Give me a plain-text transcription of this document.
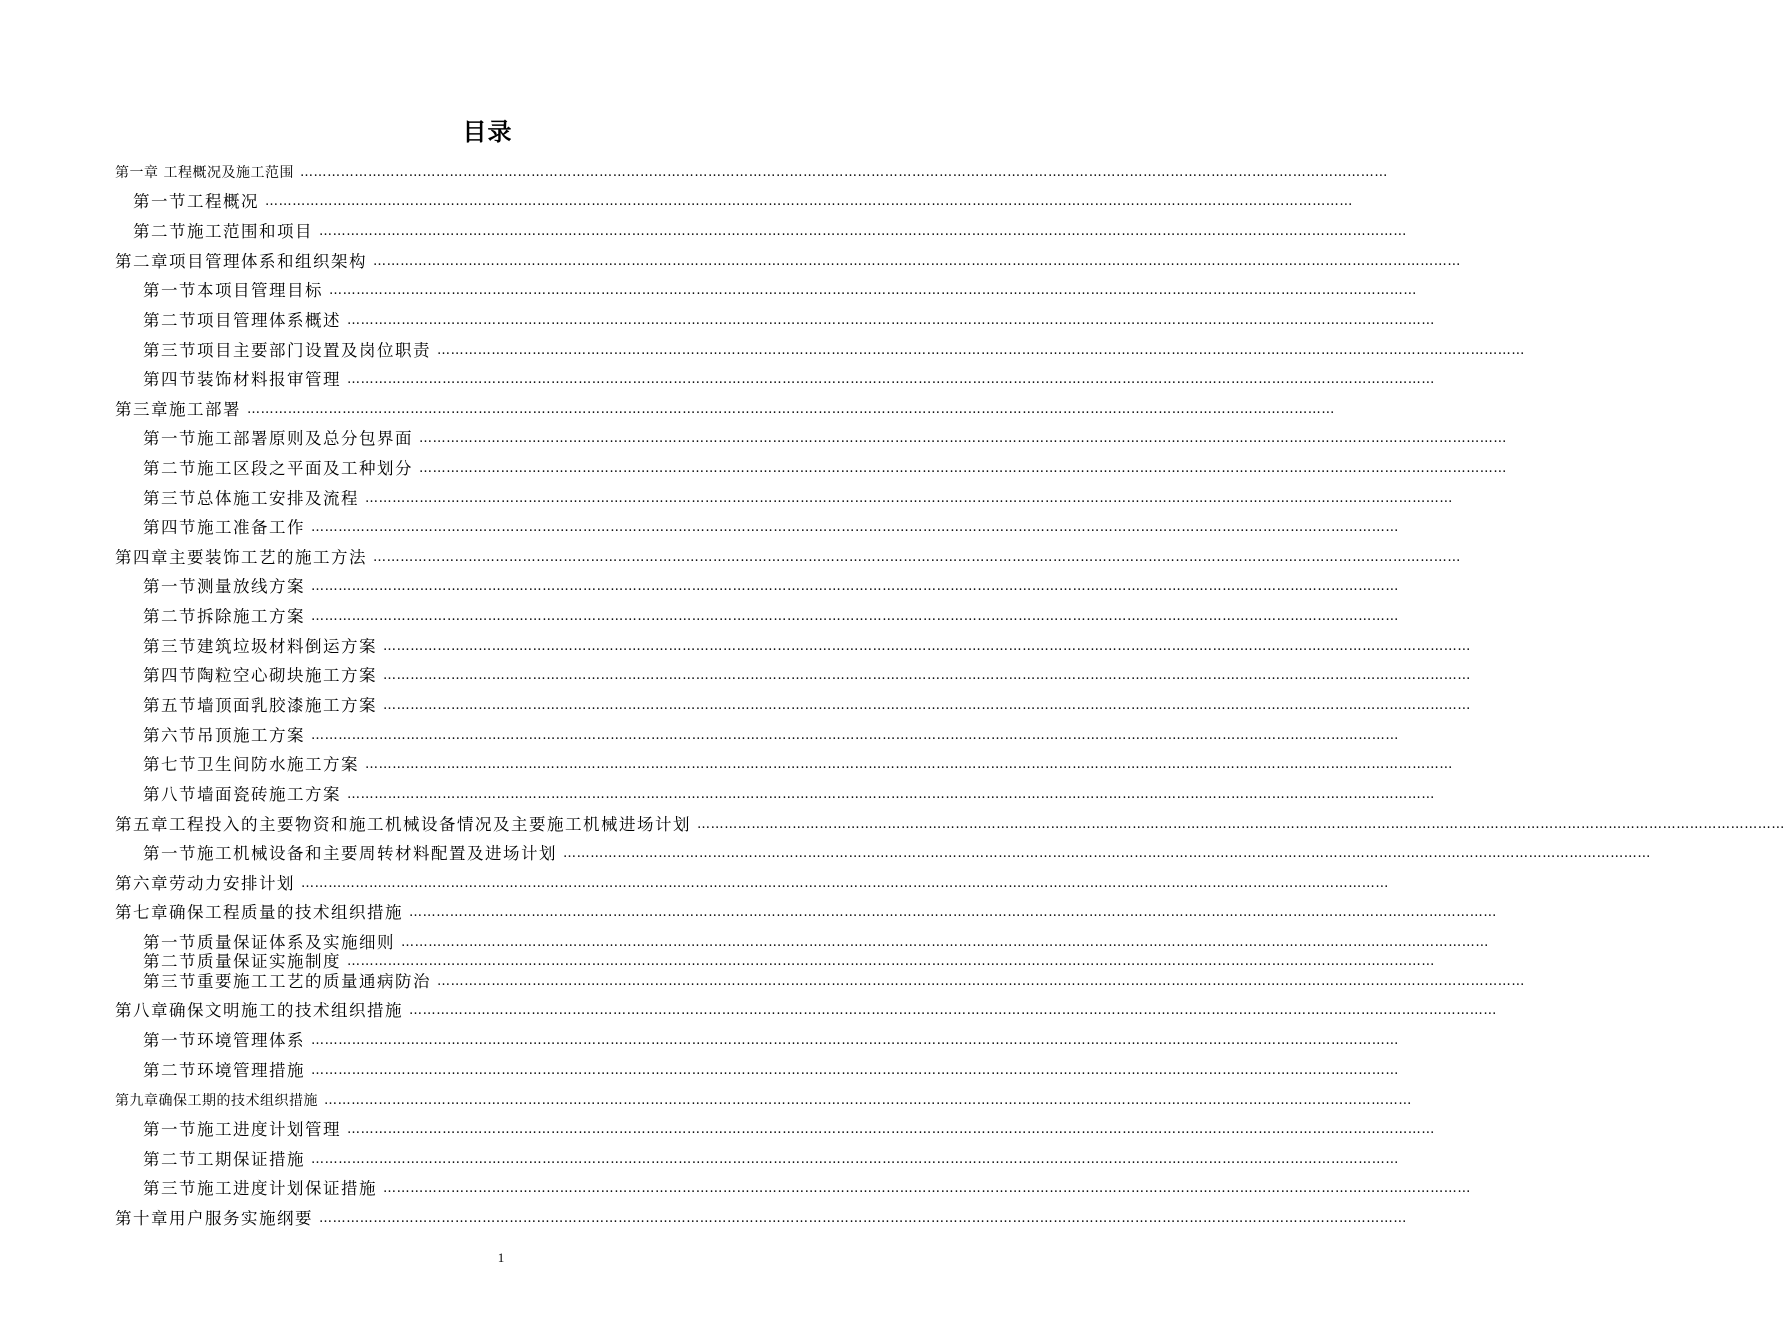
目录
第一章 工程概况及施工范围 ……………………………………………………………………………………………………………………………………………………………………………………………………………………
第一节工程概况 ……………………………………………………………………………………………………………………………………………………………………………………………………………………
第二节施工范围和项目 ……………………………………………………………………………………………………………………………………………………………………………………………………………………
第二章项目管理体系和组织架构 ……………………………………………………………………………………………………………………………………………………………………………………………………………………
第一节本项目管理目标 ……………………………………………………………………………………………………………………………………………………………………………………………………………………
第二节项目管理体系概述 ……………………………………………………………………………………………………………………………………………………………………………………………………………………
第三节项目主要部门设置及岗位职责 ……………………………………………………………………………………………………………………………………………………………………………………………………………………
第四节装饰材料报审管理 ……………………………………………………………………………………………………………………………………………………………………………………………………………………
第三章施工部署 ……………………………………………………………………………………………………………………………………………………………………………………………………………………
第一节施工部署原则及总分包界面 ……………………………………………………………………………………………………………………………………………………………………………………………………………………
第二节施工区段之平面及工种划分 ……………………………………………………………………………………………………………………………………………………………………………………………………………………
第三节总体施工安排及流程 ……………………………………………………………………………………………………………………………………………………………………………………………………………………
第四节施工准备工作 ……………………………………………………………………………………………………………………………………………………………………………………………………………………
第四章主要装饰工艺的施工方法 ……………………………………………………………………………………………………………………………………………………………………………………………………………………
第一节测量放线方案 ……………………………………………………………………………………………………………………………………………………………………………………………………………………
第二节拆除施工方案 ……………………………………………………………………………………………………………………………………………………………………………………………………………………
第三节建筑垃圾材料倒运方案 ……………………………………………………………………………………………………………………………………………………………………………………………………………………
第四节陶粒空心砌块施工方案 ……………………………………………………………………………………………………………………………………………………………………………………………………………………
第五节墙顶面乳胶漆施工方案 ……………………………………………………………………………………………………………………………………………………………………………………………………………………
第六节吊顶施工方案 ……………………………………………………………………………………………………………………………………………………………………………………………………………………
第七节卫生间防水施工方案 ……………………………………………………………………………………………………………………………………………………………………………………………………………………
第八节墙面瓷砖施工方案 ……………………………………………………………………………………………………………………………………………………………………………………………………………………
第五章工程投入的主要物资和施工机械设备情况及主要施工机械进场计划 ……………………………………………………………………………………………………………………………………………………………………………………………………………………
第一节施工机械设备和主要周转材料配置及进场计划 ……………………………………………………………………………………………………………………………………………………………………………………………………………………
第六章劳动力安排计划 ……………………………………………………………………………………………………………………………………………………………………………………………………………………
第七章确保工程质量的技术组织措施 ……………………………………………………………………………………………………………………………………………………………………………………………………………………
第一节质量保证体系及实施细则 ……………………………………………………………………………………………………………………………………………………………………………………………………………………
第二节质量保证实施制度 ……………………………………………………………………………………………………………………………………………………………………………………………………………………
第三节重要施工工艺的质量通病防治 ……………………………………………………………………………………………………………………………………………………………………………………………………………………
第八章确保文明施工的技术组织措施 ……………………………………………………………………………………………………………………………………………………………………………………………………………………
第一节环境管理体系 ……………………………………………………………………………………………………………………………………………………………………………………………………………………
第二节环境管理措施 ……………………………………………………………………………………………………………………………………………………………………………………………………………………
第九章确保工期的技术组织措施 ……………………………………………………………………………………………………………………………………………………………………………………………………………………
第一节施工进度计划管理 ……………………………………………………………………………………………………………………………………………………………………………………………………………………
第二节工期保证措施 ……………………………………………………………………………………………………………………………………………………………………………………………………………………
第三节施工进度计划保证措施 ……………………………………………………………………………………………………………………………………………………………………………………………………………………
第十章用户服务实施纲要 ……………………………………………………………………………………………………………………………………………………………………………………………………………………
1
